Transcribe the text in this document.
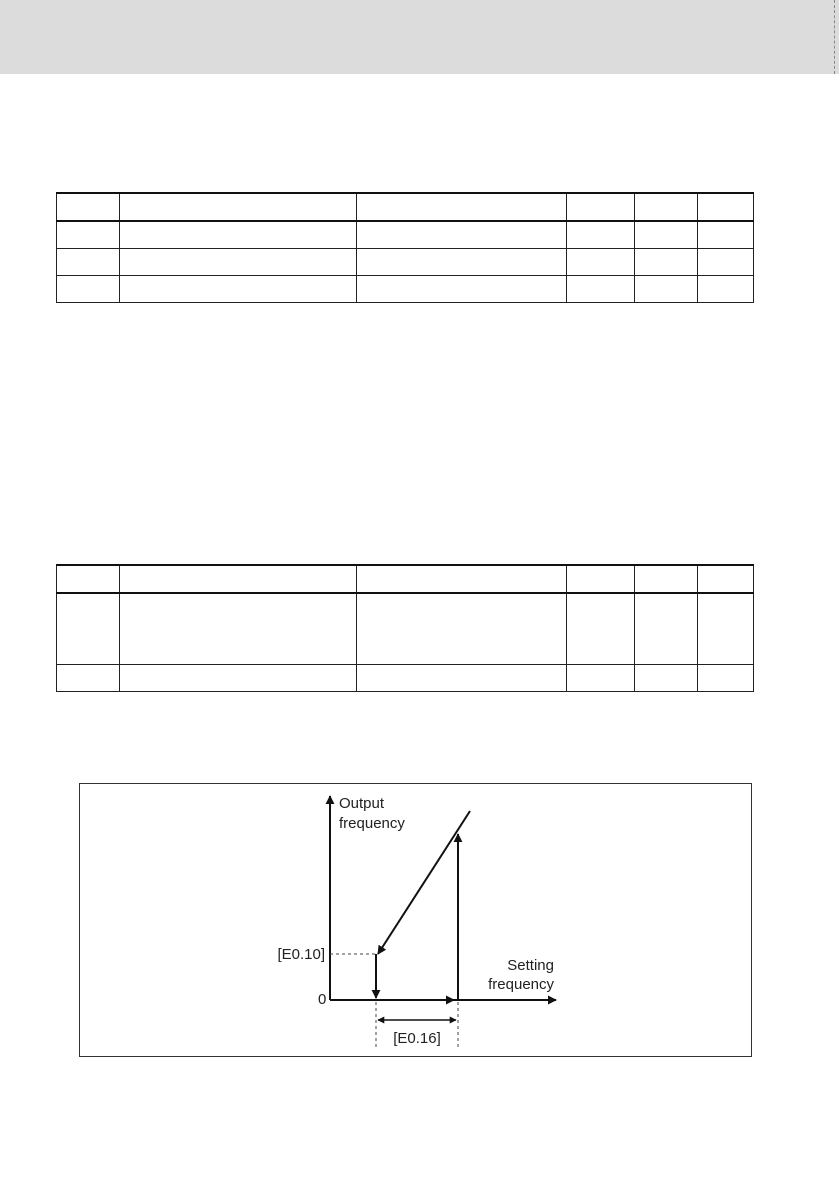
Output
frequency
Setting
frequency
0
[E0.10]
[E0.16]
